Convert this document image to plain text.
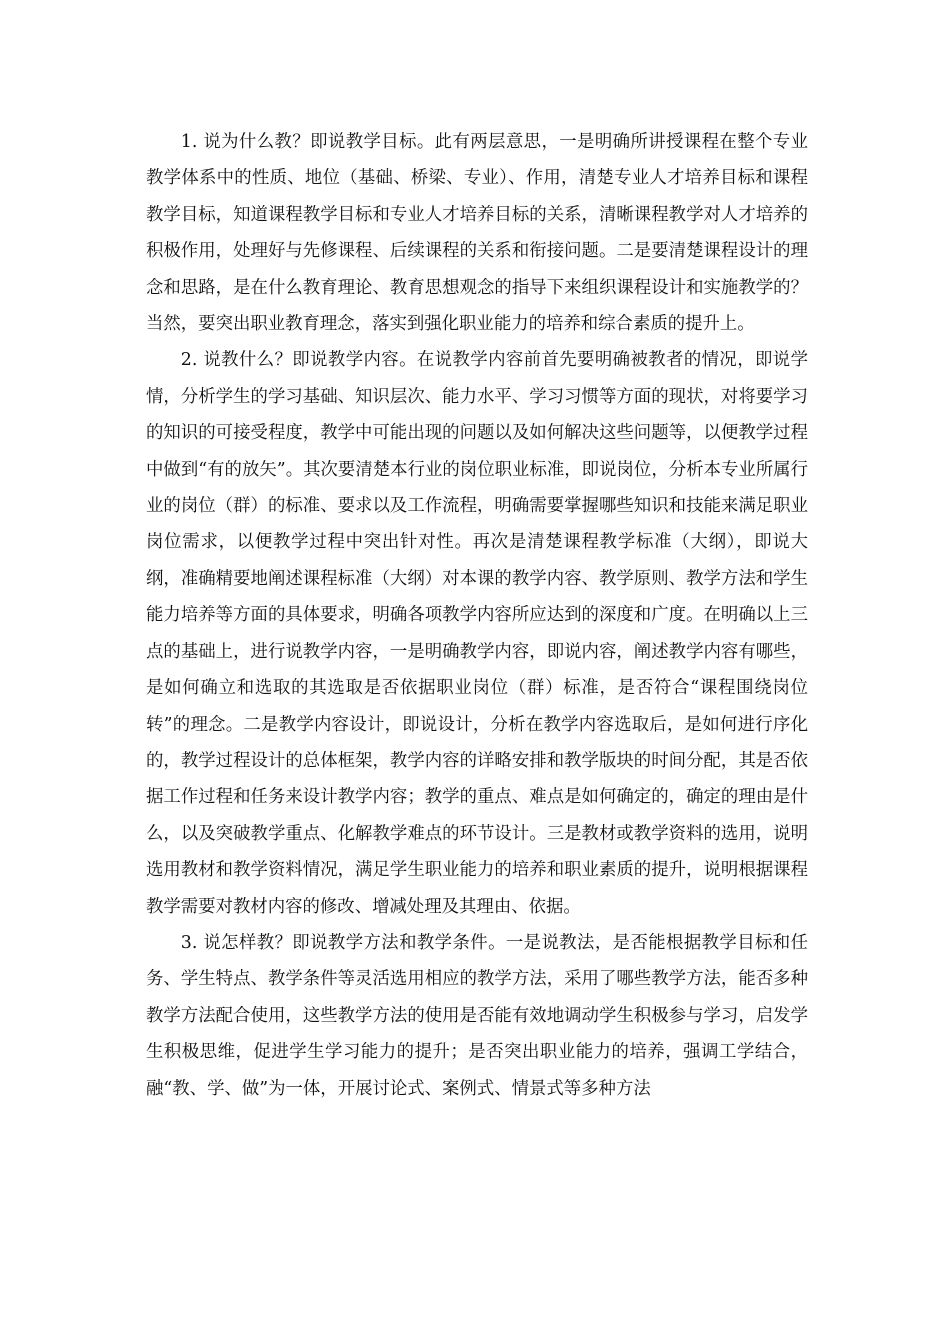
1. 说为什么教？即说教学目标。此有两层意思，一是明确所讲授课程在整个专业教学体系中的性质、地位（基础、桥梁、专业）、作用，清楚专业人才培养目标和课程教学目标，知道课程教学目标和专业人才培养目标的关系，清晰课程教学对人才培养的积极作用，处理好与先修课程、后续课程的关系和衔接问题。二是要清楚课程设计的理念和思路，是在什么教育理论、教育思想观念的指导下来组织课程设计和实施教学的？当然，要突出职业教育理念，落实到强化职业能力的培养和综合素质的提升上。

2. 说教什么？即说教学内容。在说教学内容前首先要明确被教者的情况，即说学情，分析学生的学习基础、知识层次、能力水平、学习习惯等方面的现状，对将要学习的知识的可接受程度，教学中可能出现的问题以及如何解决这些问题等，以便教学过程中做到“有的放矢”。其次要清楚本行业的岗位职业标准，即说岗位，分析本专业所属行业的岗位（群）的标准、要求以及工作流程，明确需要掌握哪些知识和技能来满足职业岗位需求，以便教学过程中突出针对性。再次是清楚课程教学标准（大纲），即说大纲，准确精要地阐述课程标准（大纲）对本课的教学内容、教学原则、教学方法和学生能力培养等方面的具体要求，明确各项教学内容所应达到的深度和广度。在明确以上三点的基础上，进行说教学内容，一是明确教学内容，即说内容，阐述教学内容有哪些，是如何确立和选取的其选取是否依据职业岗位（群）标准，是否符合“课程围绕岗位转”的理念。二是教学内容设计，即说设计，分析在教学内容选取后，是如何进行序化的，教学过程设计的总体框架，教学内容的详略安排和教学版块的时间分配，其是否依据工作过程和任务来设计教学内容；教学的重点、难点是如何确定的，确定的理由是什么，以及突破教学重点、化解教学难点的环节设计。三是教材或教学资料的选用，说明选用教材和教学资料情况，满足学生职业能力的培养和职业素质的提升，说明根据课程教学需要对教材内容的修改、增减处理及其理由、依据。

3. 说怎样教？即说教学方法和教学条件。一是说教法，是否能根据教学目标和任务、学生特点、教学条件等灵活选用相应的教学方法，采用了哪些教学方法，能否多种教学方法配合使用，这些教学方法的使用是否能有效地调动学生积极参与学习，启发学生积极思维，促进学生学习能力的提升；是否突出职业能力的培养，强调工学结合，融“教、学、做”为一体，开展讨论式、案例式、情景式等多种方法
